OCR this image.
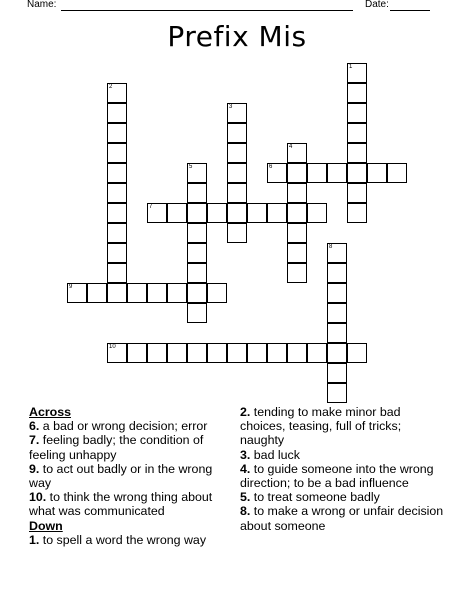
Name:	Date:
Prefix Mis
1
2
3
4
5	6
7
8
9
10
Across
6. a bad or wrong decision; error
7. feeling badly; the condition of feeling unhappy
9. to act out badly or in the wrong way
10. to think the wrong thing about what was communicated
Down
1. to spell a word the wrong way
2. tending to make minor bad choices, teasing, full of tricks; naughty
3. bad luck
4. to guide someone into the wrong direction; to be a bad influence
5. to treat someone badly
8. to make a wrong or unfair decision about someone
